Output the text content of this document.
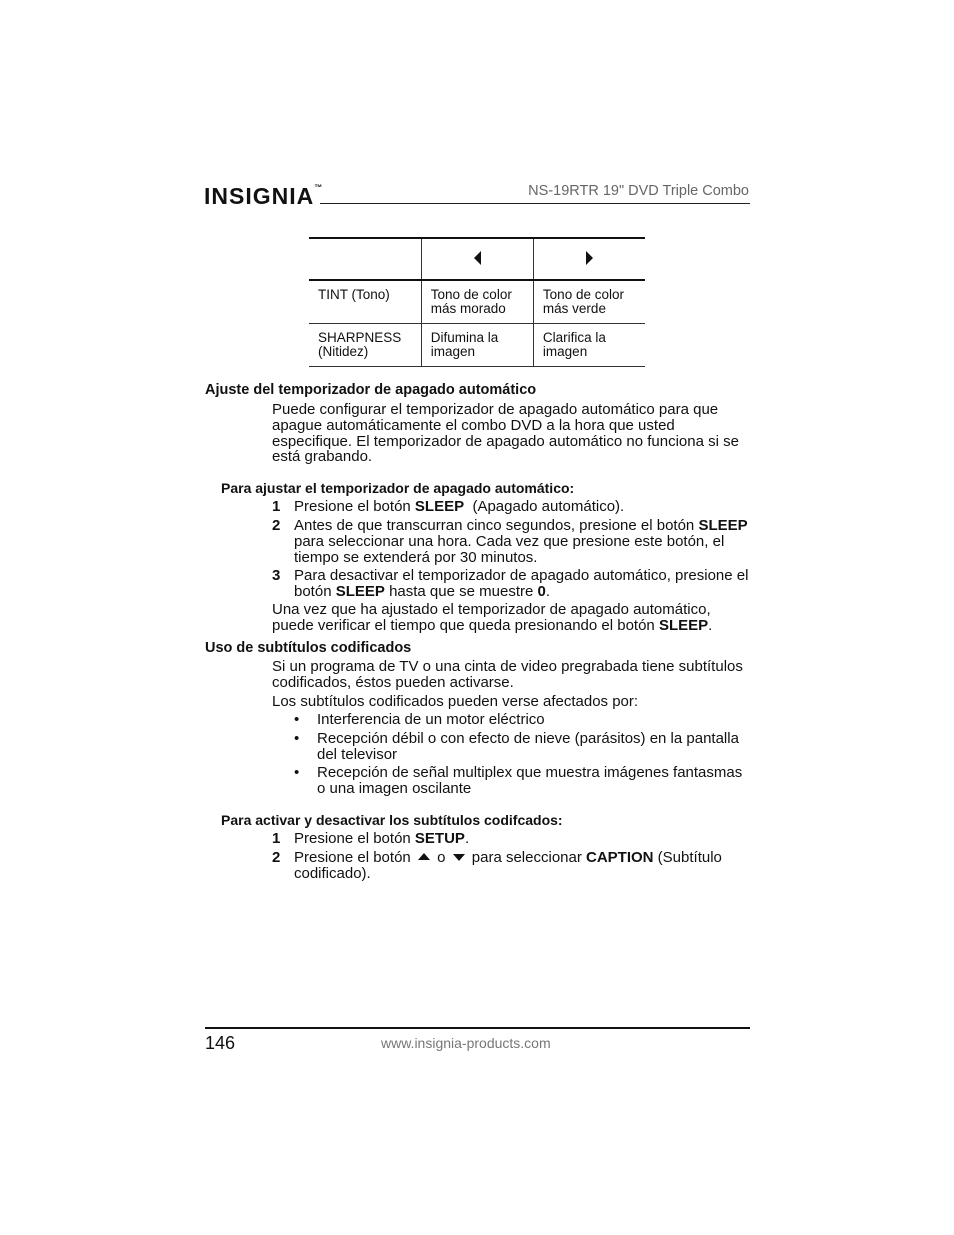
INSIGNIA™	NS-19RTR 19" DVD Triple Combo

TINT (Tono)	Tono de color más morado	Tono de color más verde
SHARPNESS (Nitidez)	Difumina la imagen	Clarifica la imagen
Ajuste del temporizador de apagado automático
Puede configurar el temporizador de apagado automático para que apague automáticamente el combo DVD a la hora que usted especifique. El temporizador de apagado automático no funciona si se está grabando.
Para ajustar el temporizador de apagado automático:
1 Presione el botón SLEEP  (Apagado automático).
2 Antes de que transcurran cinco segundos, presione el botón SLEEP para seleccionar una hora. Cada vez que presione este botón, el tiempo se extenderá por 30 minutos.
3 Para desactivar el temporizador de apagado automático, presione el botón SLEEP hasta que se muestre 0.
Una vez que ha ajustado el temporizador de apagado automático, puede verificar el tiempo que queda presionando el botón SLEEP.
Uso de subtítulos codificados
Si un programa de TV o una cinta de video pregrabada tiene subtítulos codificados, éstos pueden activarse.
Los subtítulos codificados pueden verse afectados por:
• Interferencia de un motor eléctrico
• Recepción débil o con efecto de nieve (parásitos) en la pantalla del televisor
• Recepción de señal multiplex que muestra imágenes fantasmas o una imagen oscilante
Para activar y desactivar los subtítulos codifcados:
1 Presione el botón SETUP.
2 Presione el botón  o  para seleccionar CAPTION (Subtítulo codificado).
146	www.insignia-products.com
